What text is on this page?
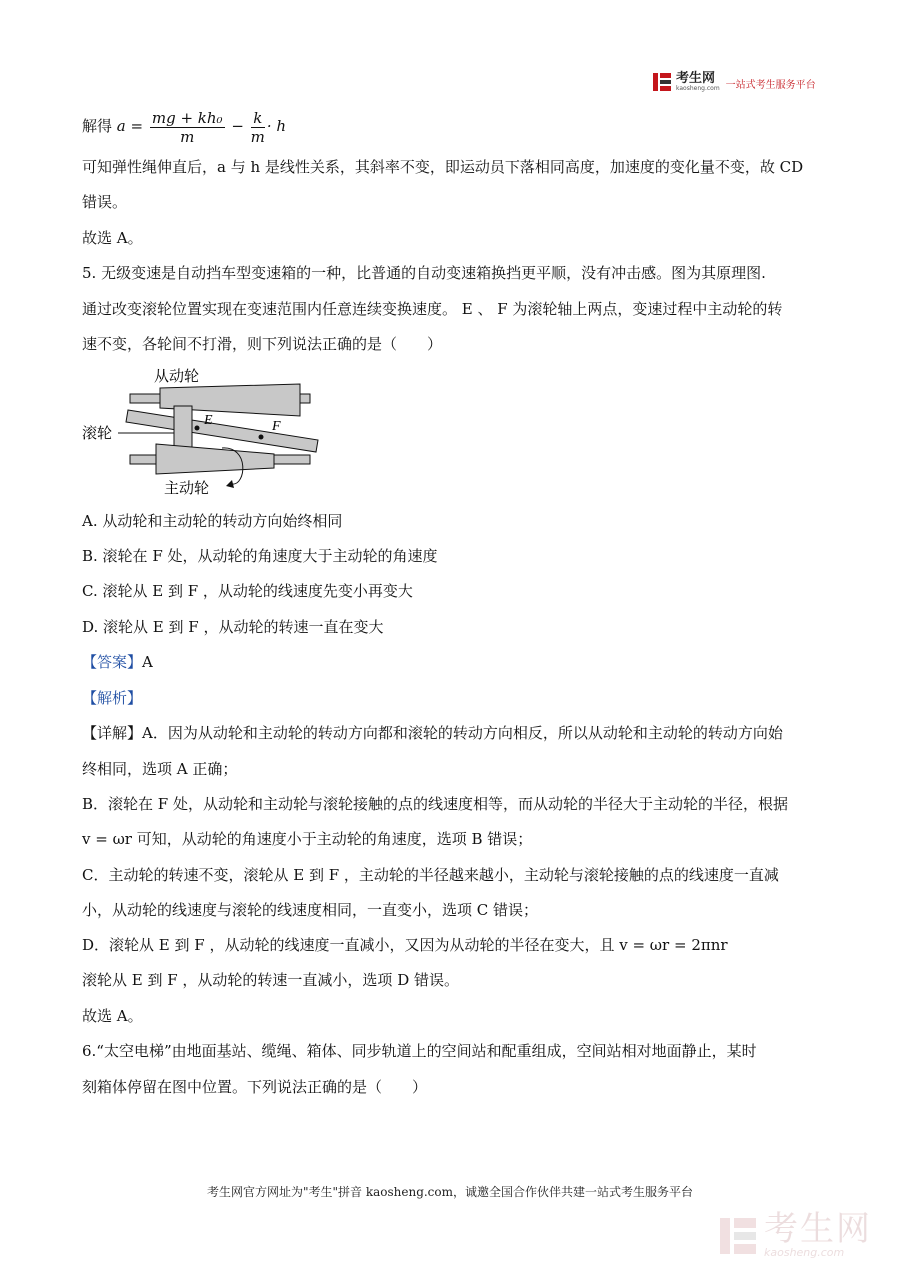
考生网
kaosheng.com 一站式考生服务平台
解得 $a = \frac{\text{mg + kh₀}}{m} - \frac{k}{m} \cdot h$
可知弹性绳伸直后，a 与 h 是线性关系，其斜率不变，即运动员下落相同高度，加速度的变化量不变，故 CD
错误。
故选 A。
5. 无级变速是自动挡车型变速箱的一种，比普通的自动变速箱换挡更平顺，没有冲击感。图为其原理图.
通过改变滚轮位置实现在变速范围内任意连续变换速度。 E 、 F 为滚轮轴上两点，变速过程中主动轮的转
速不变，各轮间不打滑，则下列说法正确的是（　　）
E	F
从动轮
滚轮
主动轮
A. 从动轮和主动轮的转动方向始终相同
B. 滚轮在 F 处，从动轮的角速度大于主动轮的角速度
C. 滚轮从 E 到 F ，从动轮的线速度先变小再变大
D. 滚轮从 E 到 F ，从动轮的转速一直在变大
【答案】A
【解析】
【详解】A．因为从动轮和主动轮的转动方向都和滚轮的转动方向相反，所以从动轮和主动轮的转动方向始
终相同，选项 A 正确；
B．滚轮在 F 处，从动轮和主动轮与滚轮接触的点的线速度相等，而从动轮的半径大于主动轮的半径，根据
v = ωr 可知，从动轮的角速度小于主动轮的角速度，选项 B 错误；
C．主动轮的转速不变，滚轮从 E 到 F ，主动轮的半径越来越小，主动轮与滚轮接触的点的线速度一直减
小，从动轮的线速度与滚轮的线速度相同，一直变小，选项 C 错误；
D．滚轮从 E 到 F ，从动轮的线速度一直减小，又因为从动轮的半径在变大，且 v = ωr = 2πnr
滚轮从 E 到 F ，从动轮的转速一直减小，选项 D 错误。
故选 A。
6.“太空电梯”由地面基站、缆绳、箱体、同步轨道上的空间站和配重组成，空间站相对地面静止，某时
刻箱体停留在图中位置。下列说法正确的是（　　）
考生网官方网址为"考生"拼音 kaosheng.com，诚邀全国合作伙伴共建一站式考生服务平台
考生网
kaosheng.com
